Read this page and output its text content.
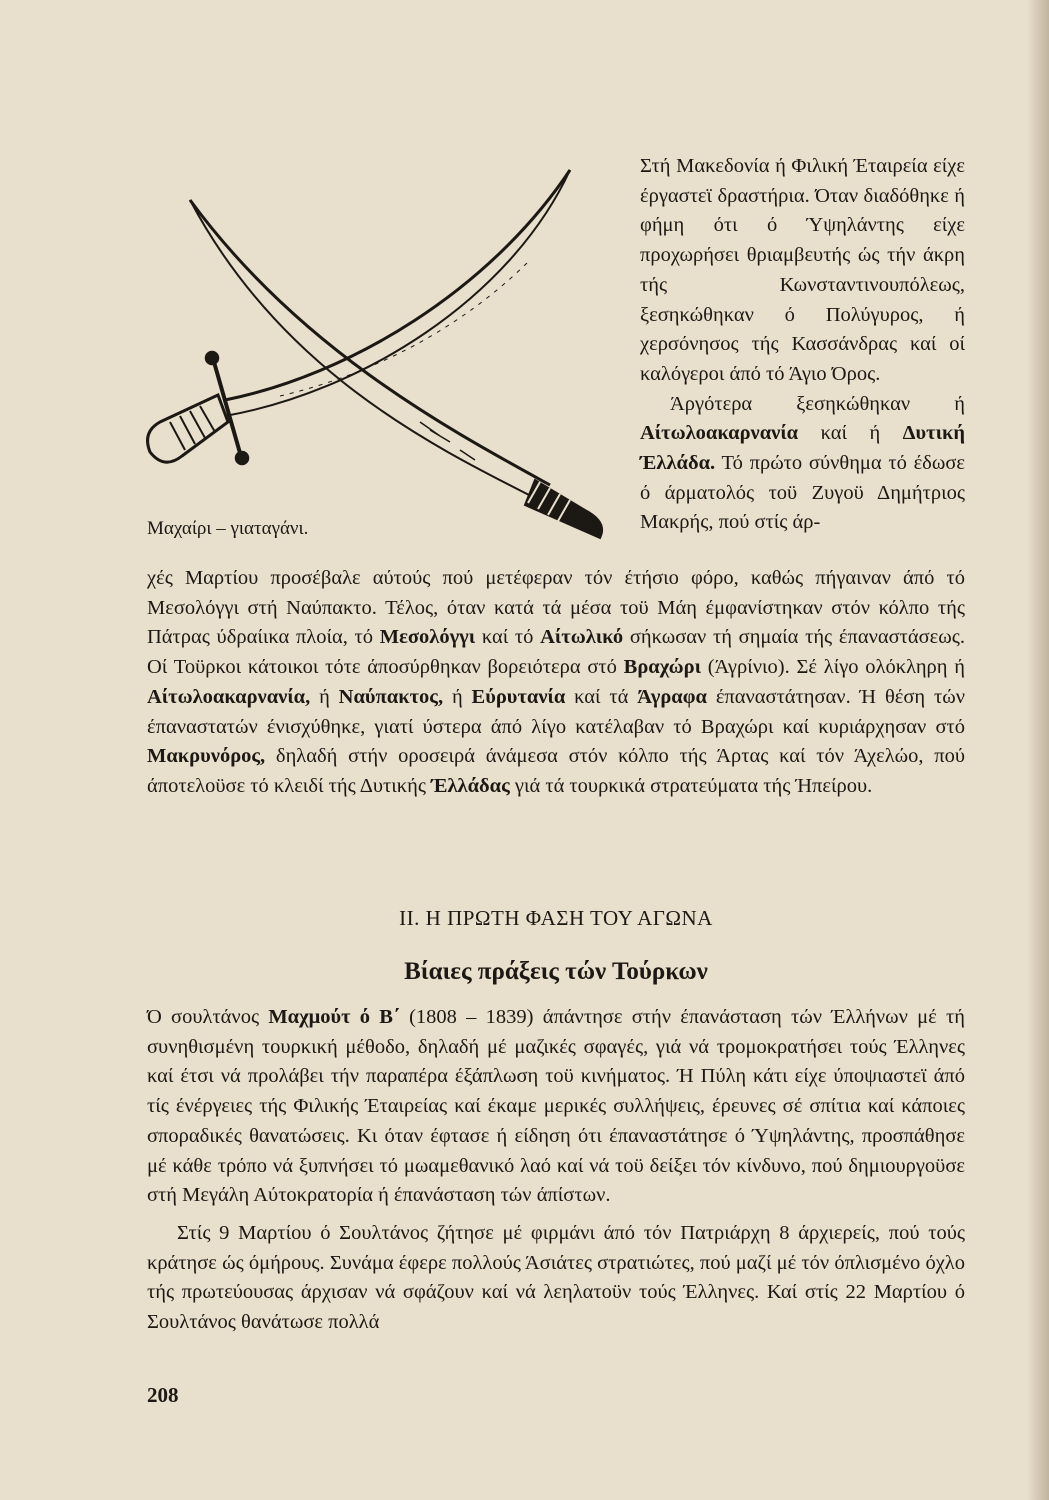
Μαχαίρι – γιαταγάνι.

Στή Μακεδονία ή Φιλική Έταιρεία είχε έργαστεϊ δραστήρια. Όταν διαδόθηκε ή φήμη ότι ό Ύψηλάντης είχε προχωρήσει θριαμβευτής ώς τήν άκρη τής Κωνσταντινουπόλεως, ξεσηκώθηκαν ό Πολύγυρος, ή χερσόνησος τής Κασσάνδρας καί οί καλόγεροι άπό τό Άγιο Όρος.

Άργότερα ξεσηκώθηκαν ή Αίτωλοακαρνανία καί ή Δυτική Έλλάδα. Τό πρώτο σύνθημα τό έδωσε ό άρματολός τοϋ Ζυγοϋ Δημήτριος Μακρής, πού στίς άρ-

χές Μαρτίου προσέβαλε αύτούς πού μετέφεραν τόν έτήσιο φόρο, καθώς πήγαιναν άπό τό Μεσολόγγι στή Ναύπακτο. Τέλος, όταν κατά τά μέσα τοϋ Μάη έμφανίστηκαν στόν κόλπο τής Πάτρας ύδραίικα πλοία, τό Μεσολόγγι καί τό Αίτωλικό σήκωσαν τή σημαία τής έπαναστάσεως. Οί Τοϋρκοι κάτοικοι τότε άποσύρθηκαν βορειότερα στό Βραχώρι (Άγρίνιο). Σέ λίγο ολόκληρη ή Αίτωλοακαρνανία, ή Ναύπακτος, ή Εύρυτανία καί τά Άγραφα έπαναστάτησαν. Ή θέση τών έπαναστατών ένισχύθηκε, γιατί ύστερα άπό λίγο κατέλαβαν τό Βραχώρι καί κυριάρχησαν στό Μακρυνόρος, δηλαδή στήν οροσειρά άνάμεσα στόν κόλπο τής Άρτας καί τόν Άχελώο, πού άποτελοϋσε τό κλειδί τής Δυτικής Έλλάδας γιά τά τουρκικά στρατεύματα τής Ήπείρου.

ΙΙ. Η ΠΡΩΤΗ ΦΑΣΗ ΤΟΥ ΑΓΩΝΑ
Βίαιες πράξεις τών Τούρκων

Ό σουλτάνος Μαχμούτ ό Β΄ (1808 – 1839) άπάντησε στήν έπανάσταση τών Έλλήνων μέ τή συνηθισμένη τουρκική μέθοδο, δηλαδή μέ μαζικές σφαγές, γιά νά τρομοκρατήσει τούς Έλληνες καί έτσι νά προλάβει τήν παραπέρα έξάπλωση τοϋ κινήματος. Ή Πύλη κάτι είχε ύποψιαστεϊ άπό τίς ένέργειες τής Φιλικής Έταιρείας καί έκαμε μερικές συλλήψεις, έρευνες σέ σπίτια καί κάποιες σποραδικές θανατώσεις. Κι όταν έφτασε ή είδηση ότι έπαναστάτησε ό Ύψηλάντης, προσπάθησε μέ κάθε τρόπο νά ξυπνήσει τό μωαμεθανικό λαό καί νά τοϋ δείξει τόν κίνδυνο, πού δημιουργοϋσε στή Μεγάλη Αύτοκρατορία ή έπανάσταση τών άπίστων.

Στίς 9 Μαρτίου ό Σουλτάνος ζήτησε μέ φιρμάνι άπό τόν Πατριάρχη 8 άρχιερείς, πού τούς κράτησε ώς όμήρους. Συνάμα έφερε πολλούς Άσιάτες στρατιώτες, πού μαζί μέ τόν όπλισμένο όχλο τής πρωτεύουσας άρχισαν νά σφάζουν καί νά λεηλατοϋν τούς Έλληνες. Καί στίς 22 Μαρτίου ό Σουλτάνος θανάτωσε πολλά

208
